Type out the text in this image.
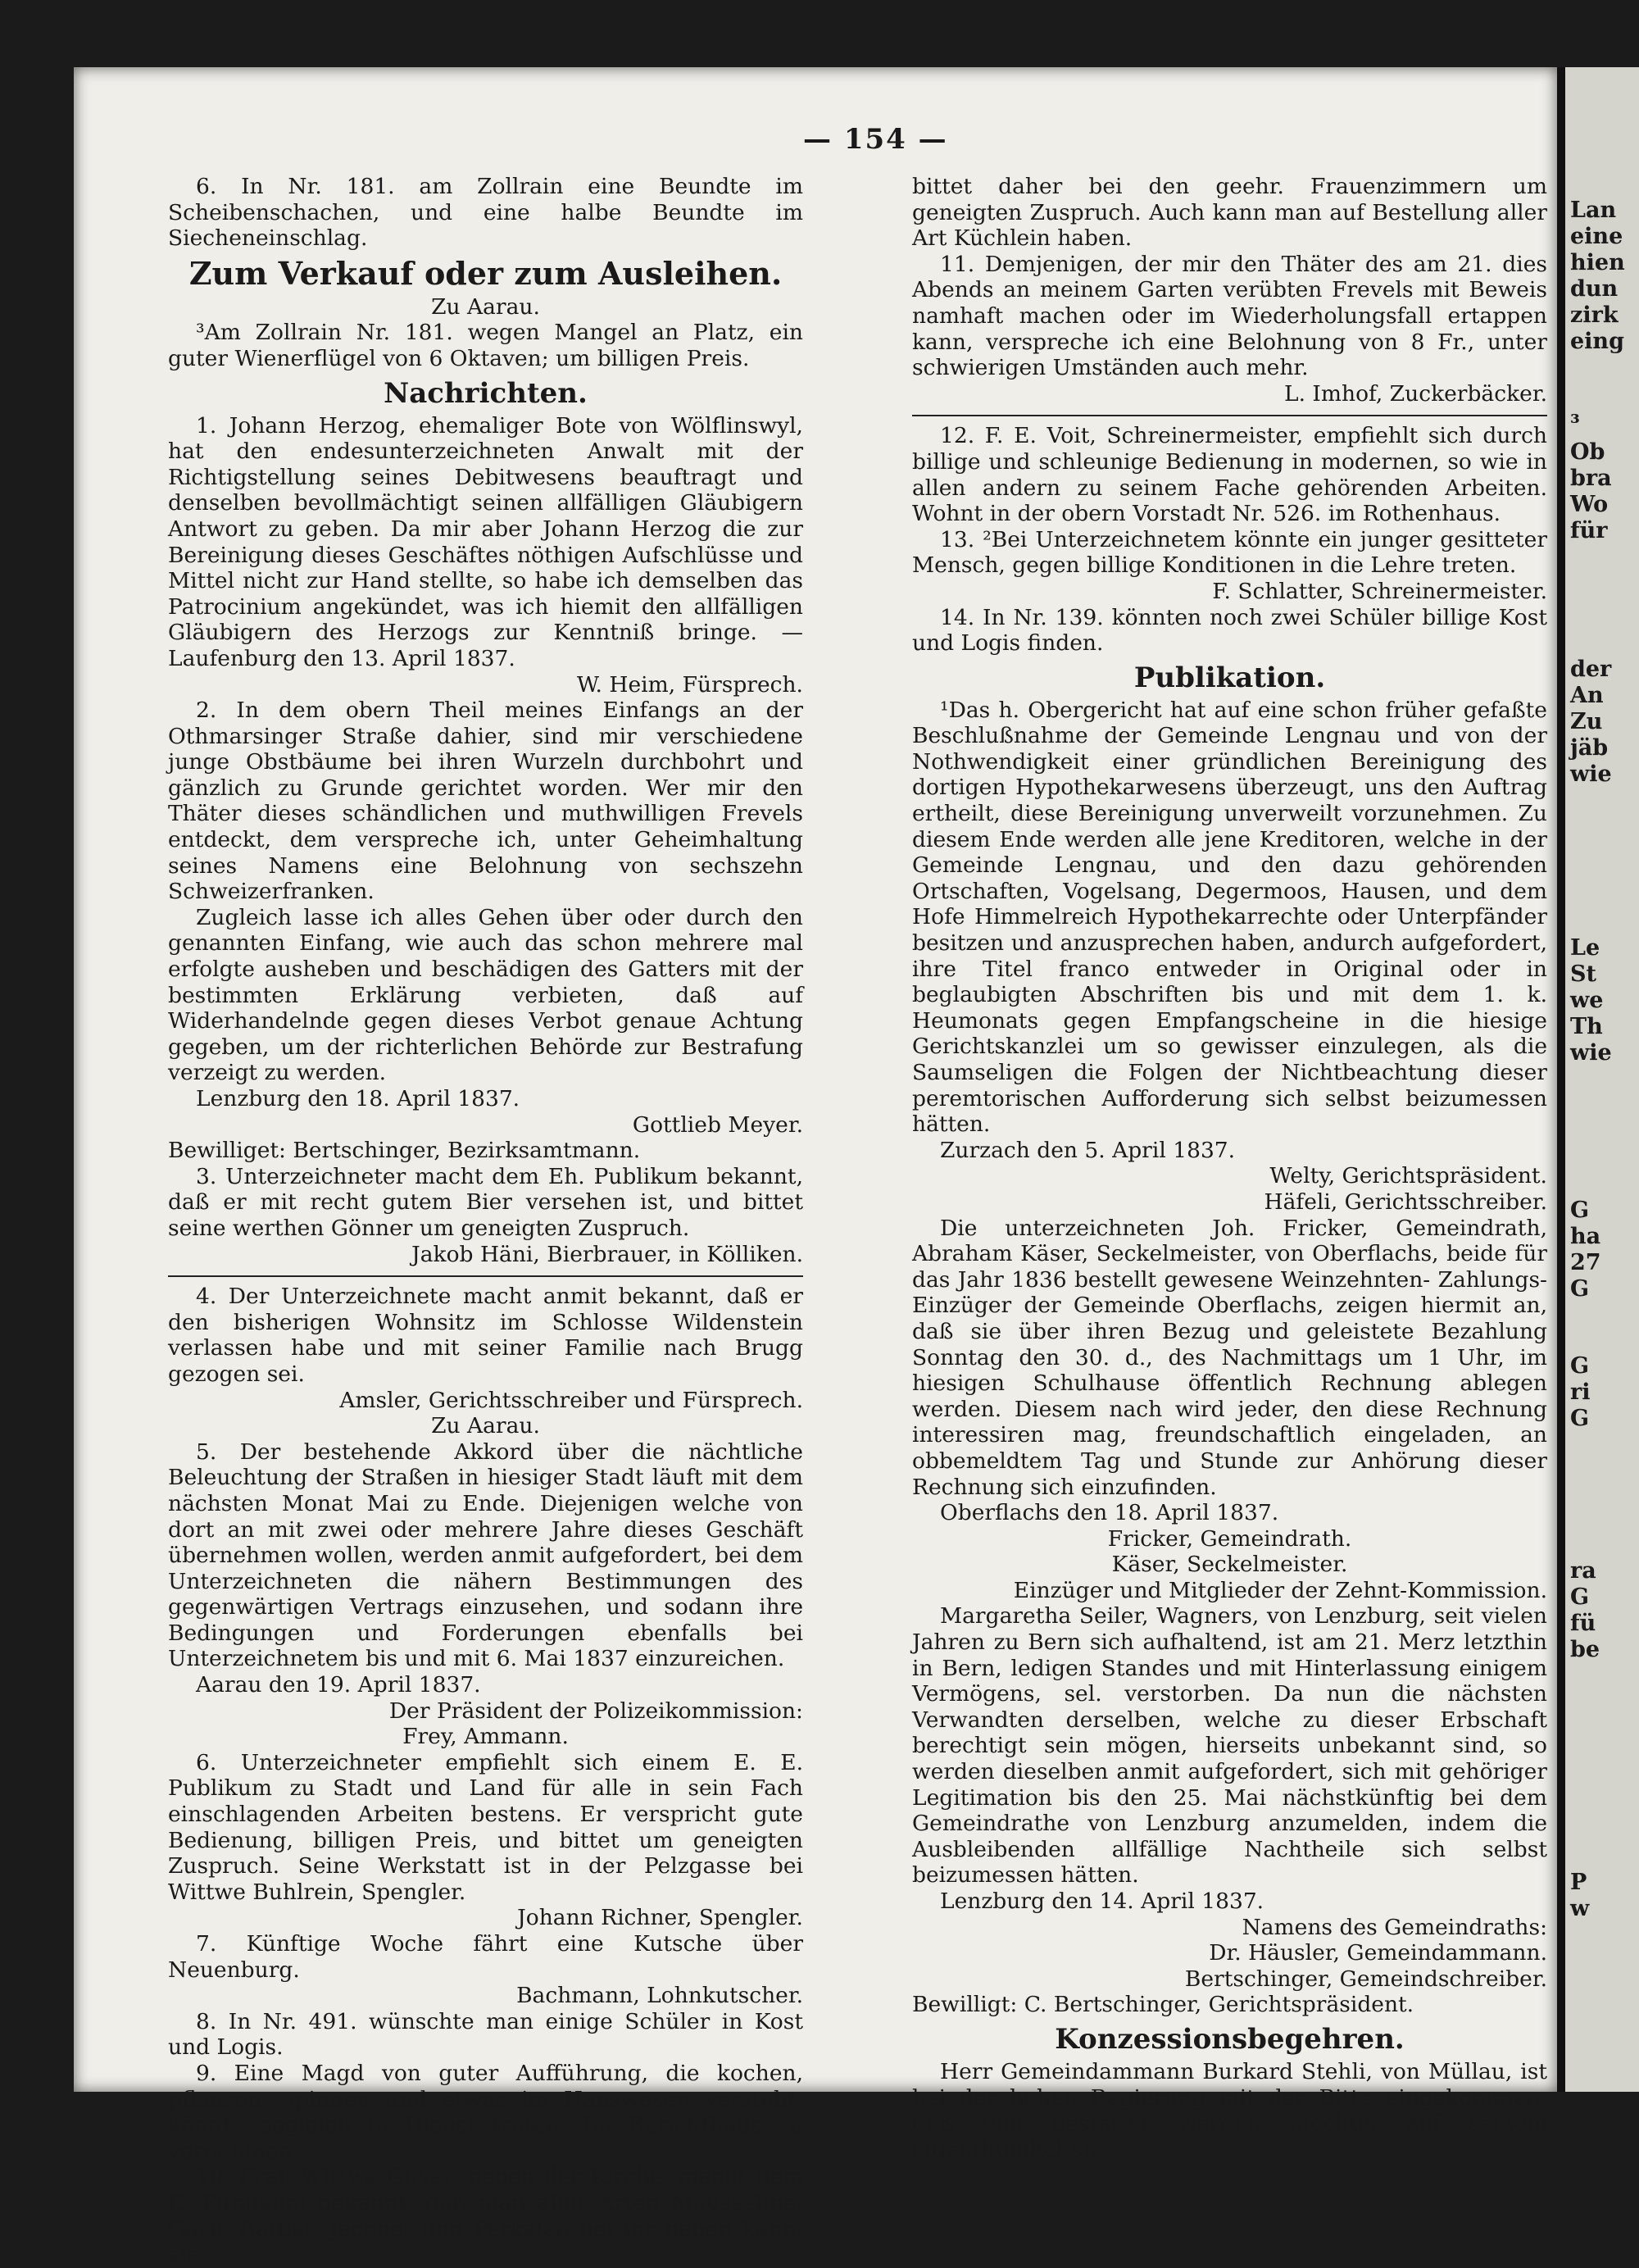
Lan
eine
hien
dun
zirk
eing
³
Ob
bra
Wo
für
der
An
Zu
jäb
wie
Le
St
we
Th
wie
G
ha
27
G
G
ri
G
ra
G
fü
be
P
w
— 154 —

6. In Nr. 181. am Zollrain eine Beundte im Scheibenschachen, und eine halbe Beundte im Siecheneinschlag.

Zum Verkauf oder zum Ausleihen.

Zu Aarau.

³Am Zollrain Nr. 181. wegen Mangel an Platz, ein guter Wienerflügel von 6 Oktaven; um billigen Preis.

Nachrichten.

1. Johann Herzog, ehemaliger Bote von Wölflinswyl, hat den endesunterzeichneten Anwalt mit der Richtigstellung seines Debitwesens beauftragt und denselben bevollmächtigt seinen allfälligen Gläubigern Antwort zu geben. Da mir aber Johann Herzog die zur Bereinigung dieses Geschäftes nöthigen Aufschlüsse und Mittel nicht zur Hand stellte, so habe ich demselben das Patrocinium angekündet, was ich hiemit den allfälligen Gläubigern des Herzogs zur Kenntniß bringe. — Laufenburg den 13. April 1837.

W. Heim, Fürsprech.

2. In dem obern Theil meines Einfangs an der Othmarsinger Straße dahier, sind mir verschiedene junge Obstbäume bei ihren Wurzeln durchbohrt und gänzlich zu Grunde gerichtet worden. Wer mir den Thäter dieses schändlichen und muthwilligen Frevels entdeckt, dem verspreche ich, unter Geheimhaltung seines Namens eine Belohnung von sechszehn Schweizerfranken.

Zugleich lasse ich alles Gehen über oder durch den genannten Einfang, wie auch das schon mehrere mal erfolgte ausheben und beschädigen des Gatters mit der bestimmten Erklärung verbieten, daß auf Widerhandelnde gegen dieses Verbot genaue Achtung gegeben, um der richterlichen Behörde zur Bestrafung verzeigt zu werden.

Lenzburg den 18. April 1837.

Gottlieb Meyer.

Bewilliget: Bertschinger, Bezirksamtmann.

3. Unterzeichneter macht dem Eh. Publikum bekannt, daß er mit recht gutem Bier versehen ist, und bittet seine werthen Gönner um geneigten Zuspruch.

Jakob Häni, Bierbrauer, in Kölliken.

4. Der Unterzeichnete macht anmit bekannt, daß er den bisherigen Wohnsitz im Schlosse Wildenstein verlassen habe und mit seiner Familie nach Brugg gezogen sei.

Amsler, Gerichtsschreiber und Fürsprech.

Zu Aarau.

5. Der bestehende Akkord über die nächtliche Beleuchtung der Straßen in hiesiger Stadt läuft mit dem nächsten Monat Mai zu Ende. Diejenigen welche von dort an mit zwei oder mehrere Jahre dieses Geschäft übernehmen wollen, werden anmit aufgefordert, bei dem Unterzeichneten die nähern Bestimmungen des gegenwärtigen Vertrags einzusehen, und sodann ihre Bedingungen und Forderungen ebenfalls bei Unterzeichnetem bis und mit 6. Mai 1837 einzureichen.

Aarau den 19. April 1837.

Der Präsident der Polizeikommission:

Frey, Ammann.

6. Unterzeichneter empfiehlt sich einem E. E. Publikum zu Stadt und Land für alle in sein Fach einschlagenden Arbeiten bestens. Er verspricht gute Bedienung, billigen Preis, und bittet um geneigten Zuspruch. Seine Werkstatt ist in der Pelzgasse bei Wittwe Buhlrein, Spengler.

Johann Richner, Spengler.

7. Künftige Woche fährt eine Kutsche über Neuenburg.

Bachmann, Lohnkutscher.

8. In Nr. 491. wünschte man einige Schüler in Kost und Logis.

9. Eine Magd von guter Aufführung, die kochen, pflanzen, spinnen und etwas im Hauswesen versteht, könnte sogleich in Dienst treten. Im Berichthaus zu vernehmen.

10. Frau Wittwe Guyer, neben der Kirche, macht dem E. Publikum bekannt, daß man aller Arten Mousseline, Gaze, Battist, Jaconet und Perkalen bei ihr haben kann, sie

bittet daher bei den geehr. Frauenzimmern um geneigten Zuspruch. Auch kann man auf Bestellung aller Art Küchlein haben.

11. Demjenigen, der mir den Thäter des am 21. dies Abends an meinem Garten verübten Frevels mit Beweis namhaft machen oder im Wiederholungsfall ertappen kann, verspreche ich eine Belohnung von 8 Fr., unter schwierigen Umständen auch mehr.

L. Imhof, Zuckerbäcker.

12. F. E. Voit, Schreinermeister, empfiehlt sich durch billige und schleunige Bedienung in modernen, so wie in allen andern zu seinem Fache gehörenden Arbeiten. Wohnt in der obern Vorstadt Nr. 526. im Rothenhaus.

13. ²Bei Unterzeichnetem könnte ein junger gesitteter Mensch, gegen billige Konditionen in die Lehre treten.

F. Schlatter, Schreinermeister.

14. In Nr. 139. könnten noch zwei Schüler billige Kost und Logis finden.

Publikation.

¹Das h. Obergericht hat auf eine schon früher gefaßte Beschlußnahme der Gemeinde Lengnau und von der Nothwendigkeit einer gründlichen Bereinigung des dortigen Hypothekarwesens überzeugt, uns den Auftrag ertheilt, diese Bereinigung unverweilt vorzunehmen. Zu diesem Ende werden alle jene Kreditoren, welche in der Gemeinde Lengnau, und den dazu gehörenden Ortschaften, Vogelsang, Degermoos, Hausen, und dem Hofe Himmelreich Hypothekarrechte oder Unterpfänder besitzen und anzusprechen haben, andurch aufgefordert, ihre Titel franco entweder in Original oder in beglaubigten Abschriften bis und mit dem 1. k. Heumonats gegen Empfangscheine in die hiesige Gerichtskanzlei um so gewisser einzulegen, als die Saumseligen die Folgen der Nichtbeachtung dieser peremtorischen Aufforderung sich selbst beizumessen hätten.

Zurzach den 5. April 1837.

Welty, Gerichtspräsident.

Häfeli, Gerichtsschreiber.

Die unterzeichneten Joh. Fricker, Gemeindrath, Abraham Käser, Seckelmeister, von Oberflachs, beide für das Jahr 1836 bestellt gewesene Weinzehnten- Zahlungs- Einzüger der Gemeinde Oberflachs, zeigen hiermit an, daß sie über ihren Bezug und geleistete Bezahlung Sonntag den 30. d., des Nachmittags um 1 Uhr, im hiesigen Schulhause öffentlich Rechnung ablegen werden. Diesem nach wird jeder, den diese Rechnung interessiren mag, freundschaftlich eingeladen, an obbemeldtem Tag und Stunde zur Anhörung dieser Rechnung sich einzufinden.

Oberflachs den 18. April 1837.

Fricker, Gemeindrath.

Käser, Seckelmeister.

Einzüger und Mitglieder der Zehnt-Kommission.

Margaretha Seiler, Wagners, von Lenzburg, seit vielen Jahren zu Bern sich aufhaltend, ist am 21. Merz letzthin in Bern, ledigen Standes und mit Hinterlassung einigem Vermögens, sel. verstorben. Da nun die nächsten Verwandten derselben, welche zu dieser Erbschaft berechtigt sein mögen, hierseits unbekannt sind, so werden dieselben anmit aufgefordert, sich mit gehöriger Legitimation bis den 25. Mai nächstkünftig bei dem Gemeindrathe von Lenzburg anzumelden, indem die Ausbleibenden allfällige Nachtheile sich selbst beizumessen hätten.

Lenzburg den 14. April 1837.

Namens des Gemeindraths:

Dr. Häusler, Gemeindammann.

Bertschinger, Gemeindschreiber.

Bewilligt: C. Bertschinger, Gerichtspräsident.

Konzessionsbegehren.

Herr Gemeindammann Burkard Stehli, von Müllau, ist bei der hohen Regierung mit der Bitte eingekommen, daß ihm gestattet werden möchte, auf seinem eigenthümlichen
